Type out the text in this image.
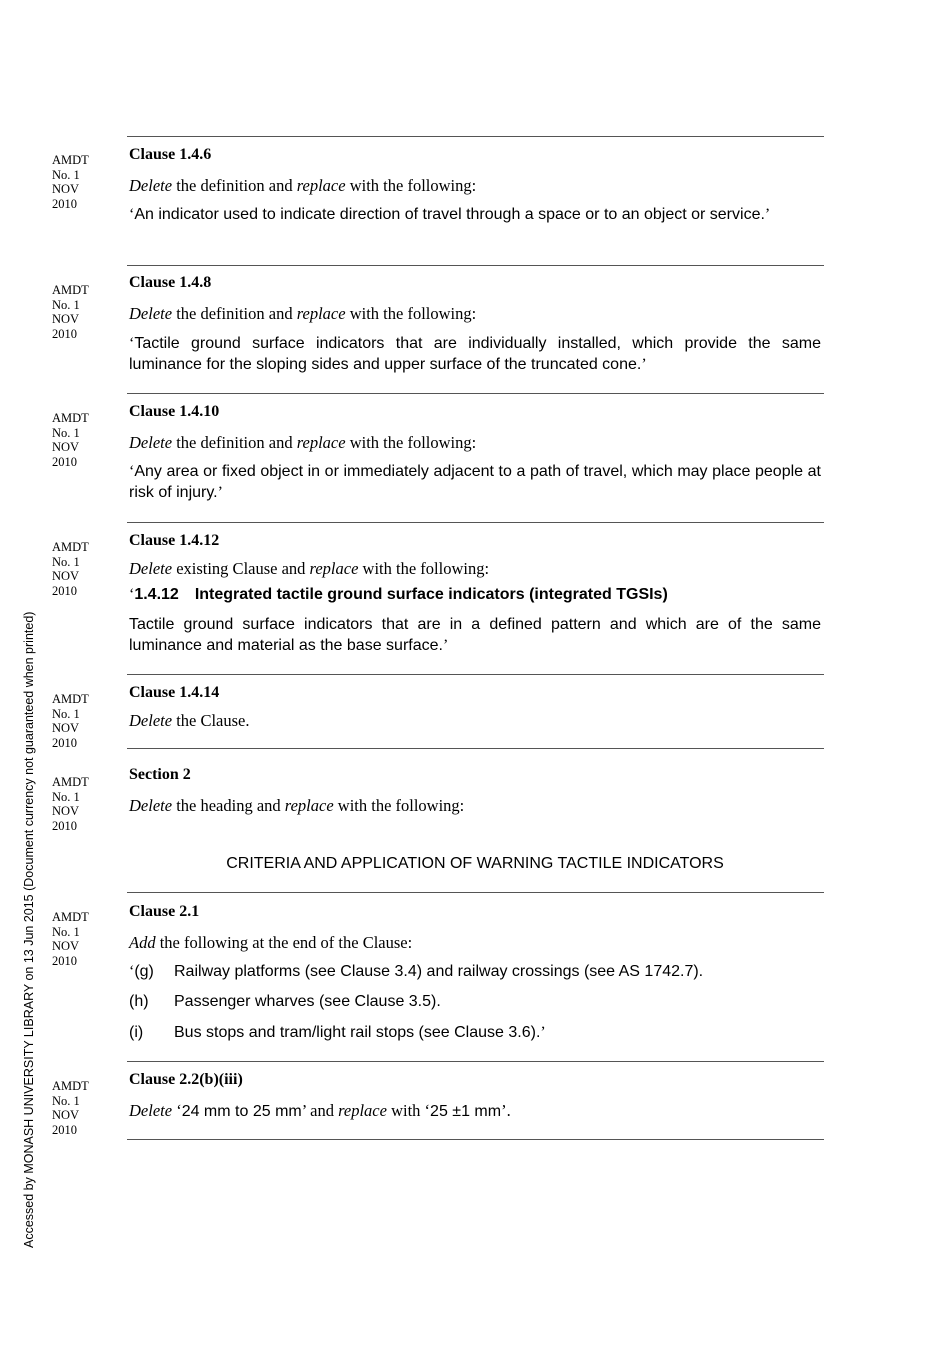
Accessed by MONASH UNIVERSITY LIBRARY on 13 Jun 2015 (Document currency not guaranteed when printed)
AMDT
No. 1
NOV
2010
Clause 1.4.6
Delete the definition and replace with the following:
‘An indicator used to indicate direction of travel through a space or to an object or service.’
AMDT
No. 1
NOV
2010
Clause 1.4.8
Delete the definition and replace with the following:
‘Tactile ground surface indicators that are individually installed, which provide the same luminance for the sloping sides and upper surface of the truncated cone.’
AMDT
No. 1
NOV
2010
Clause 1.4.10
Delete the definition and replace with the following:
‘Any area or fixed object in or immediately adjacent to a path of travel, which may place people at risk of injury.’
AMDT
No. 1
NOV
2010
Clause 1.4.12
Delete existing Clause and replace with the following:
‘1.4.12 Integrated tactile ground surface indicators (integrated TGSIs)
Tactile ground surface indicators that are in a defined pattern and which are of the same luminance and material as the base surface.’
AMDT
No. 1
NOV
2010
Clause 1.4.14
Delete the Clause.
AMDT
No. 1
NOV
2010
Section 2
Delete the heading and replace with the following:
CRITERIA AND APPLICATION OF WARNING TACTILE INDICATORS
AMDT
No. 1
NOV
2010
Clause 2.1
Add the following at the end of the Clause:
‘(g) Railway platforms (see Clause 3.4) and railway crossings (see AS 1742.7).
(h) Passenger wharves (see Clause 3.5).
(i) Bus stops and tram/light rail stops (see Clause 3.6).’
AMDT
No. 1
NOV
2010
Clause 2.2(b)(iii)
Delete ‘24 mm to 25 mm’ and replace with ‘25 ±1 mm’.
